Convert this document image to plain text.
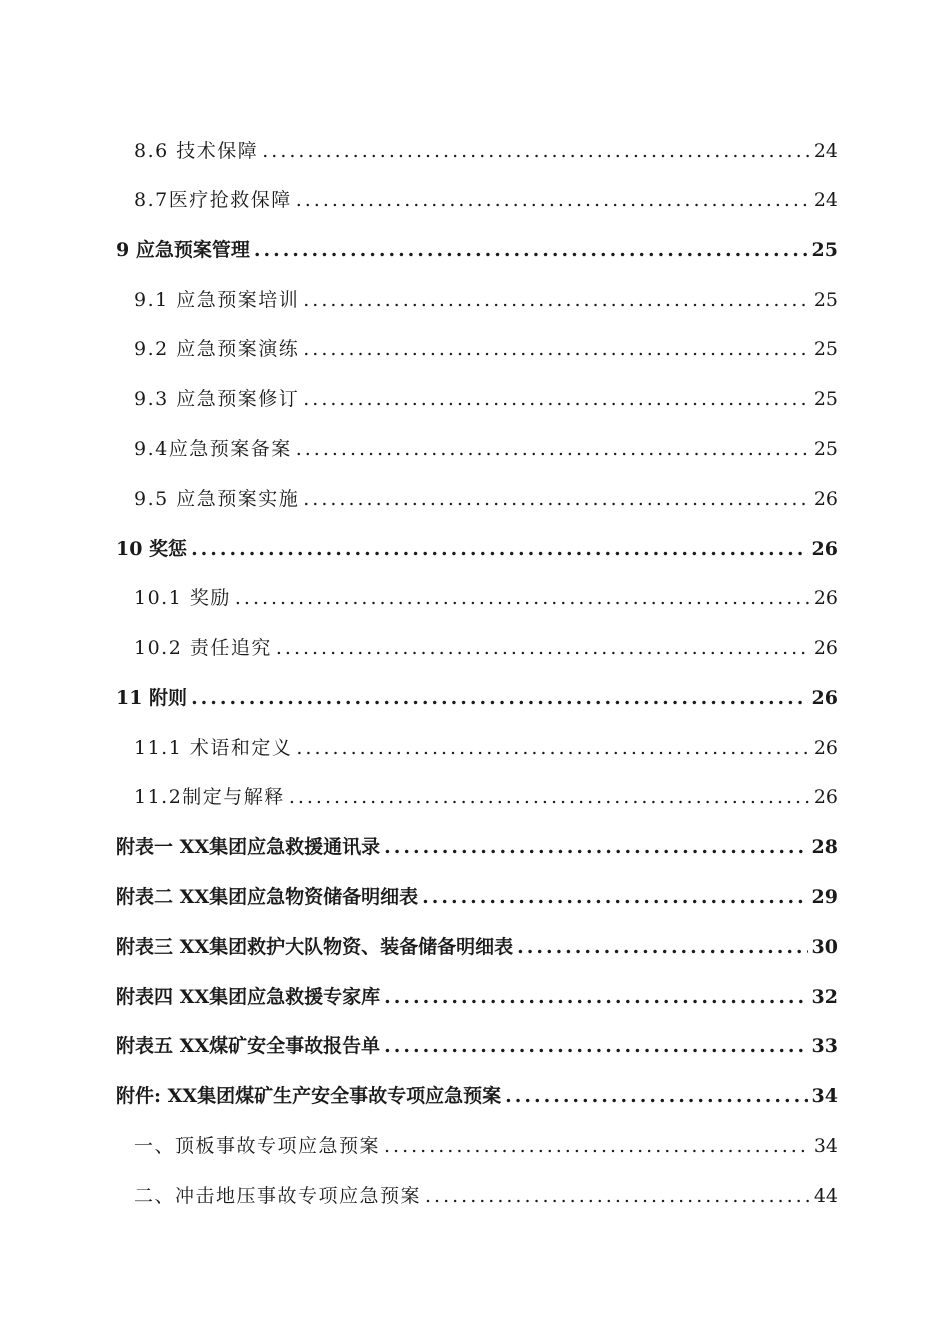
8.6 技术保障 .....	24
8.7医疗抢救保障 .....	24
9 应急预案管理 .....	25
9.1 应急预案培训 .....	25
9.2 应急预案演练 .....	25
9.3 应急预案修订 .....	25
9.4应急预案备案 .....	25
9.5 应急预案实施 .....	26
10 奖惩 .....	26
10.1 奖励 .....	26
10.2 责任追究 .....	26
11 附则 .....	26
11.1 术语和定义 .....	26
11.2制定与解释 .....	26
附表一 XX集团应急救援通讯录 .....	28
附表二 XX集团应急物资储备明细表 .....	29
附表三 XX集团救护大队物资、装备储备明细表 .....	30
附表四 XX集团应急救援专家库 .....	32
附表五 XX煤矿安全事故报告单 .....	33
附件: XX集团煤矿生产安全事故专项应急预案 .....	34
一、顶板事故专项应急预案 .....	34
二、冲击地压事故专项应急预案 .....	44
